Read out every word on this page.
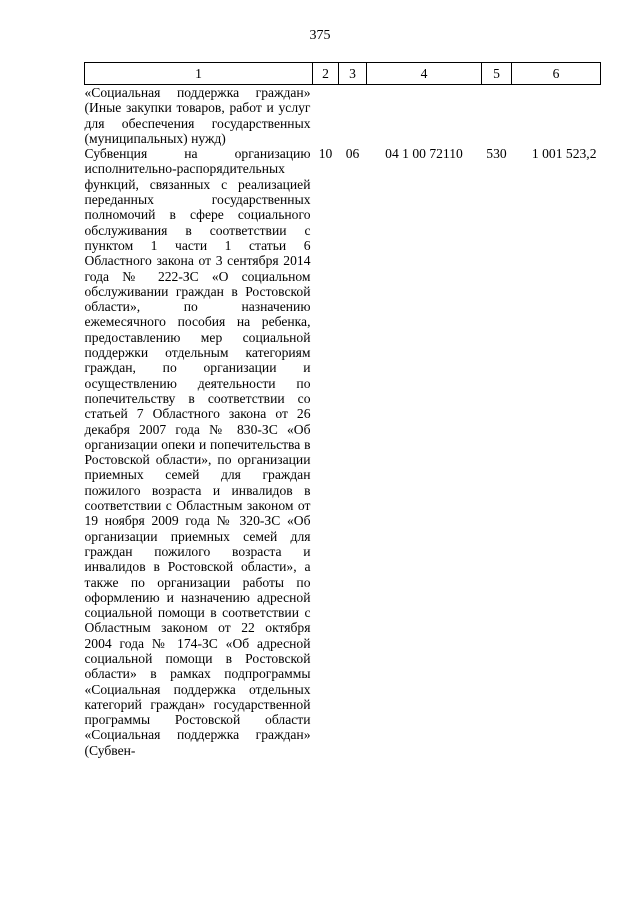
375
1	2	3	4	5	6
«Социальная поддержка граждан» (Иные закупки товаров, работ и услуг для обеспечения государственных (муниципальных) нужд)					
Субвенция на организацию исполнительно-распорядительных функций, связанных с реализацией переданных государственных полномочий в сфере социального обслуживания в соответствии с пунктом 1 части 1 статьи 6 Областного закона от 3 сентября 2014 года № 222-ЗС «О социальном обслуживании граждан в Ростовской области», по назначению ежемесячного пособия на ребенка, предоставлению мер социальной поддержки отдельным категориям граждан, по организации и осуществлению деятельности по попечительству в соответствии со статьей 7 Областного закона от 26 декабря 2007 года № 830-ЗС «Об организации опеки и попечительства в Ростовской области», по организации приемных семей для граждан пожилого возраста и инвалидов в соответствии с Областным законом от 19 ноября 2009 года № 320-ЗС «Об организации приемных семей для граждан пожилого возраста и инвалидов в Ростовской области», а также по организации работы по оформлению и назначению адресной социальной помощи в соответствии с Областным законом от 22 октября 2004 года № 174-ЗС «Об адресной социальной помощи в Ростовской области» в рамках подпрограммы «Социальная поддержка отдельных категорий граждан» государственной программы Ростовской области «Социальная поддержка граждан» (Субвен-	10	06	04 1 00 72110	530	1 001 523,2
